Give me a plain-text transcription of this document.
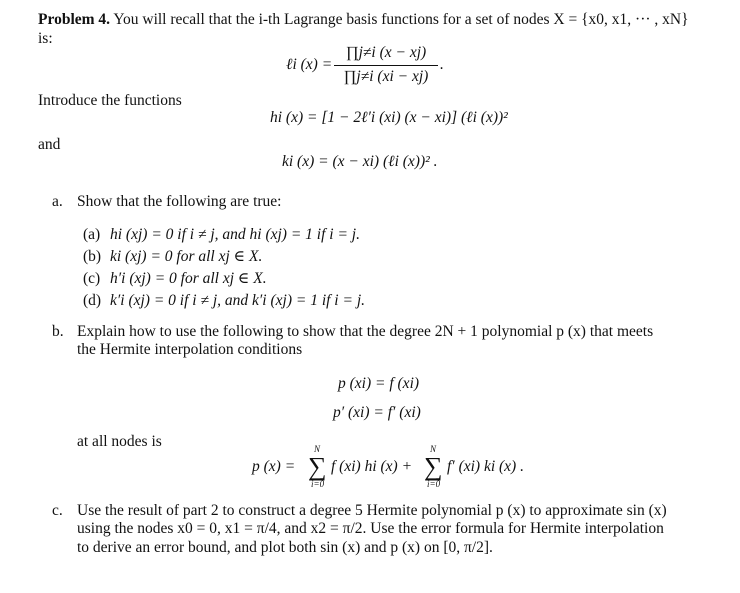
Problem 4. You will recall that the i-th Lagrange basis functions for a set of nodes X = {x0, x1, ··· , xN}
is:
ℓi (x) =
∏j≠i (x − xj)
∏j≠i (xi − xj)
.
Introduce the functions
hi (x) = [1 − 2ℓ′i (xi) (x − xi)] (ℓi (x))²
and
ki (x) = (x − xi) (ℓi (x))² .
a. Show that the following are true:
(a) hi (xj) = 0 if i ≠ j, and hi (xj) = 1 if i = j.
(b) ki (xj) = 0 for all xj ∈ X.
(c) h′i (xj) = 0 for all xj ∈ X.
(d) k′i (xj) = 0 if i ≠ j, and k′i (xj) = 1 if i = j.
b. Explain how to use the following to show that the degree 2N + 1 polynomial p (x) that meets
the Hermite interpolation conditions
p (xi) = f (xi)
p′ (xi) = f′ (xi)
at all nodes is
p (x) =
N
∑
i=0
f (xi) hi (x) +
N
∑
i=0
f′ (xi) ki (x) .
c. Use the result of part 2 to construct a degree 5 Hermite polynomial p (x) to approximate sin (x)
using the nodes x0 = 0, x1 = π/4, and x2 = π/2. Use the error formula for Hermite interpolation
to derive an error bound, and plot both sin (x) and p (x) on [0, π/2].
